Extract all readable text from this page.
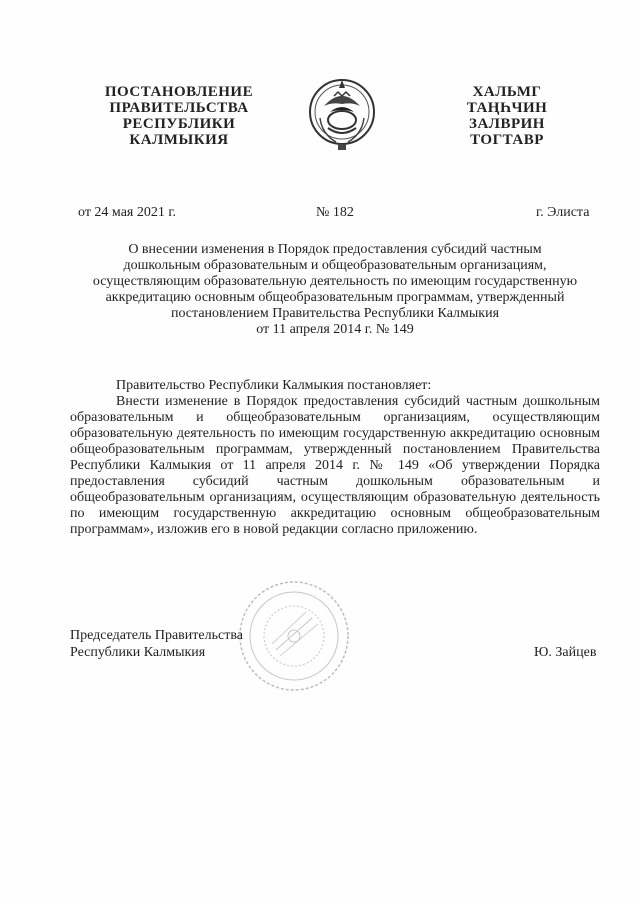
ПОСТАНОВЛЕНИЕ
ПРАВИТЕЛЬСТВА
РЕСПУБЛИКИ
КАЛМЫКИЯ
ХАЛЬМГ
ТАҢҺЧИН
ЗАЛВРИН
ТОГТАВР
от 24 мая 2021 г.	№ 182	г. Элиста
О внесении изменения в Порядок предоставления субсидий частным
дошкольным образовательным и общеобразовательным организациям,
осуществляющим образовательную деятельность по имеющим государственную
аккредитацию основным общеобразовательным программам, утвержденный
постановлением Правительства Республики Калмыкия
от 11 апреля 2014 г. № 149

Правительство Республики Калмыкия постановляет:

Внести изменение в Порядок предоставления субсидий частным дошкольным образовательным и общеобразовательным организациям, осуществляющим образовательную деятельность по имеющим государственную аккредитацию основным общеобразовательным программам, утвержденный постановлением Правительства Республики Калмыкия от 11 апреля 2014 г. № 149 «Об утверждении Порядка предоставления субсидий частным дошкольным образовательным и общеобразовательным организациям, осуществляющим образовательную деятельность по имеющим государственную аккредитацию основным общеобразовательным программам», изложив его в новой редакции согласно приложению.

Председатель Правительства
Республики Калмыкия	Ю. Зайцев
